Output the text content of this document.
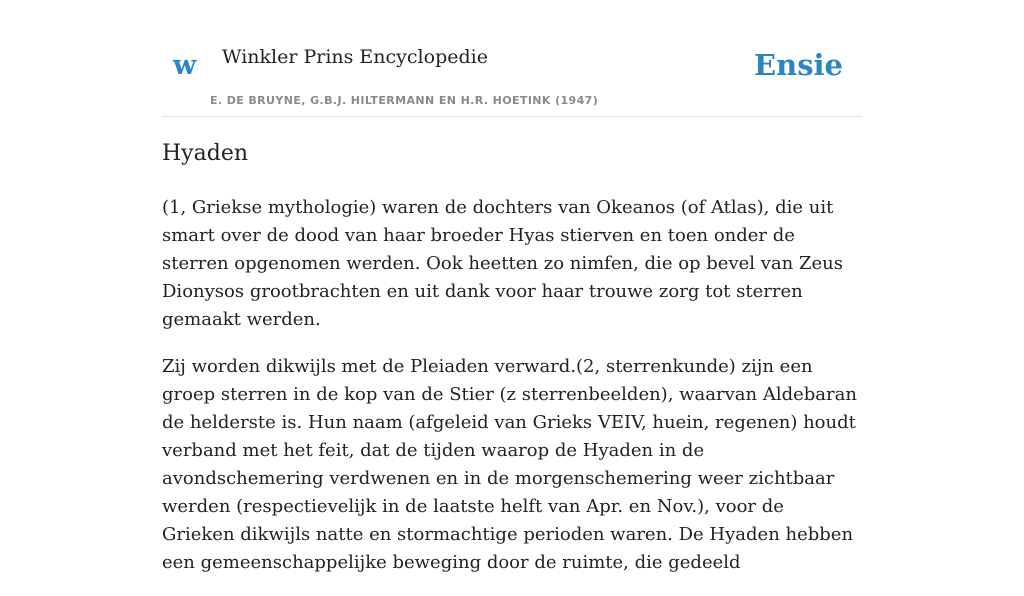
w Winkler Prins Encyclopedie
E. DE BRUYNE, G.B.J. HILTERMANN EN H.R. HOETINK (1947)
Ensie
Hyaden

(1, Griekse mythologie) waren de dochters van Okeanos (of Atlas), die uit smart over de dood van haar broeder Hyas stierven en toen onder de sterren opgenomen werden. Ook heetten zo nimfen, die op bevel van Zeus Dionysos grootbrachten en uit dank voor haar trouwe zorg tot sterren gemaakt werden.

Zij worden dikwijls met de Pleiaden verward.(2, sterrenkunde) zijn een groep sterren in de kop van de Stier (z sterrenbeelden), waarvan Aldebaran de helderste is. Hun naam (afgeleid van Grieks VEIV, huein, regenen) houdt verband met het feit, dat de tijden waarop de Hyaden in de avondschemering verdwenen en in de morgenschemering weer zichtbaar werden (respectievelijk in de laatste helft van Apr. en Nov.), voor de Grieken dikwijls natte en stormachtige perioden waren. De Hyaden hebben een gemeenschappelijke beweging door de ruimte, die gedeeld
